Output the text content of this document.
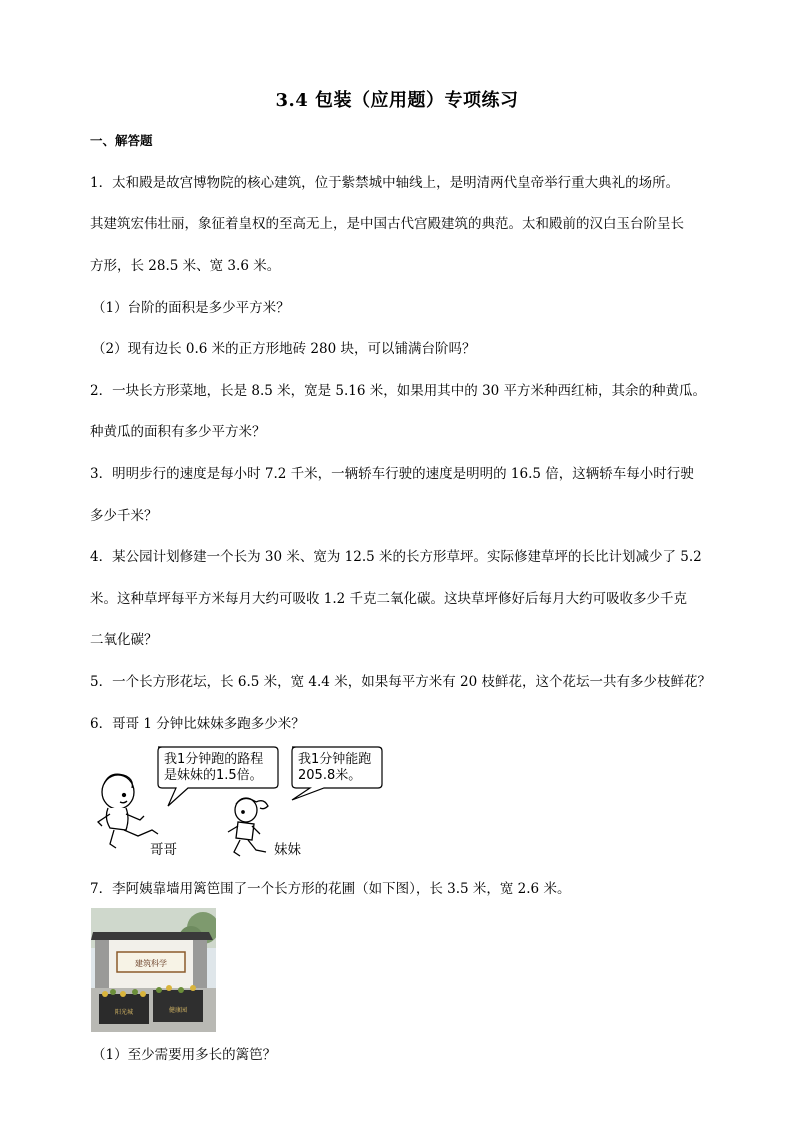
3.4 包装（应用题）专项练习
一、解答题
1．太和殿是故宫博物院的核心建筑，位于紫禁城中轴线上，是明清两代皇帝举行重大典礼的场所。
其建筑宏伟壮丽，象征着皇权的至高无上，是中国古代宫殿建筑的典范。太和殿前的汉白玉台阶呈长
方形，长 28.5 米、宽 3.6 米。
（1）台阶的面积是多少平方米？
（2）现有边长 0.6 米的正方形地砖 280 块，可以铺满台阶吗？
2．一块长方形菜地，长是 8.5 米，宽是 5.16 米，如果用其中的 30 平方米种西红柿，其余的种黄瓜。
种黄瓜的面积有多少平方米？
3．明明步行的速度是每小时 7.2 千米，一辆轿车行驶的速度是明明的 16.5 倍，这辆轿车每小时行驶
多少千米？
4．某公园计划修建一个长为 30 米、宽为 12.5 米的长方形草坪。实际修建草坪的长比计划减少了 5.2
米。这种草坪每平方米每月大约可吸收 1.2 千克二氧化碳。这块草坪修好后每月大约可吸收多少千克
二氧化碳？
5．一个长方形花坛，长 6.5 米，宽 4.4 米，如果每平方米有 20 枝鲜花，这个花坛一共有多少枝鲜花？
6．哥哥 1 分钟比妹妹多跑多少米？
我1分钟跑的路程
是妹妹的1.5倍。
我1分钟能跑
205.8米。
哥哥	妹妹
7．李阿姨靠墙用篱笆围了一个长方形的花圃（如下图），长 3.5 米，宽 2.6 米。
建筑科学
阳光城	健康园
（1）至少需要用多长的篱笆？
